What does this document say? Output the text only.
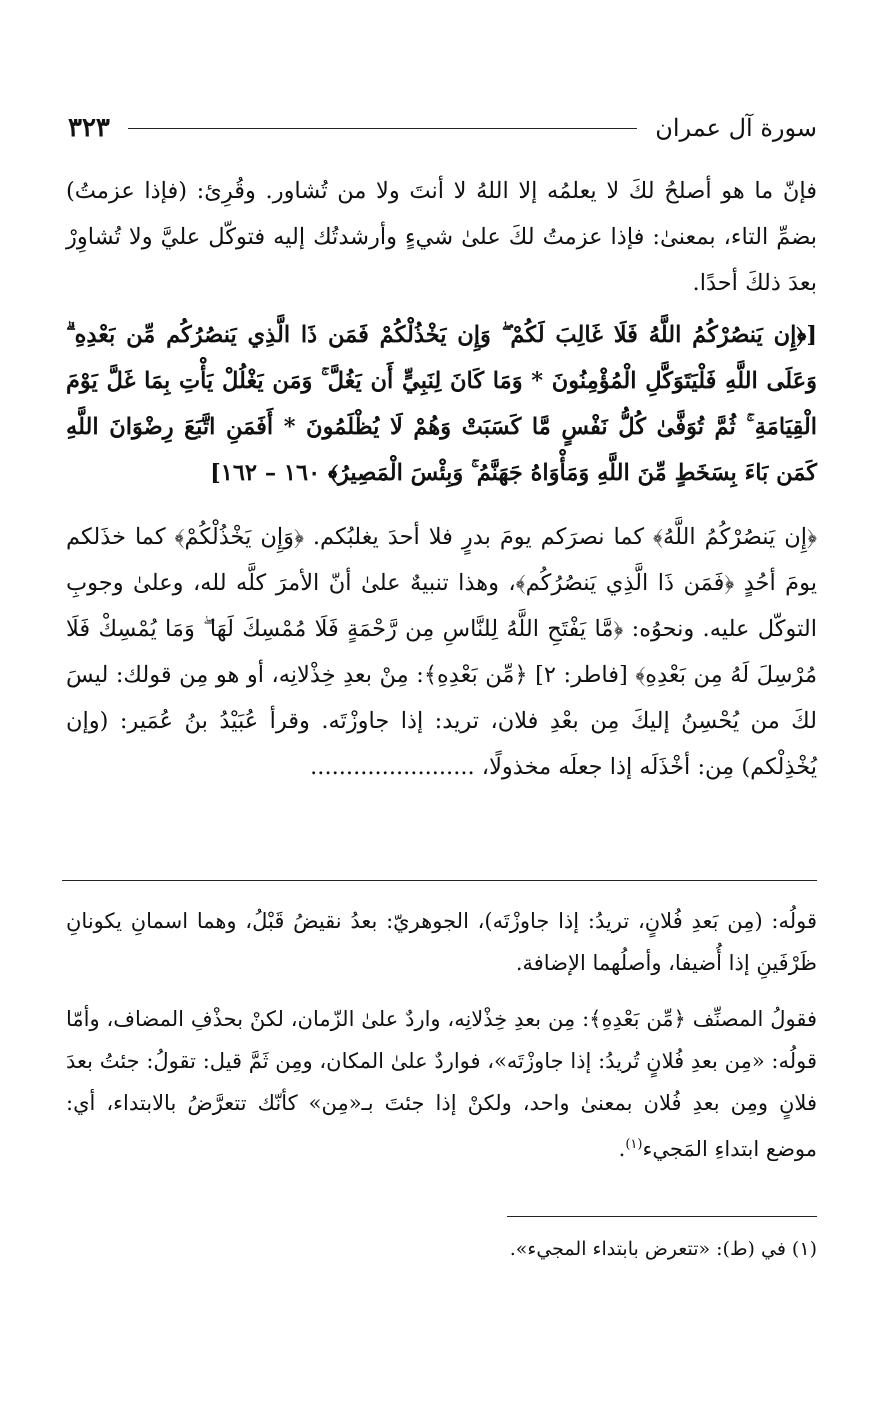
سورة آل عمران
٣٢٣

فإنّ ما هو أصلحُ لكَ لا يعلمُه إلا اللهُ لا أنتَ ولا من تُشاور. وقُرِئ: (فإذا عزمتُ) بضمِّ التاء، بمعنىٰ: فإذا عزمتُ لكَ علىٰ شيءٍ وأرشدتُك إليه فتوكّل عليَّ ولا تُشاوِرْ بعدَ ذلكَ أحدًا.

[﴿إِن يَنصُرْكُمُ اللَّهُ فَلَا غَالِبَ لَكُمْ ۖ وَإِن يَخْذُلْكُمْ فَمَن ذَا الَّذِي يَنصُرُكُم مِّن بَعْدِهِ ۗ وَعَلَى اللَّهِ فَلْيَتَوَكَّلِ الْمُؤْمِنُونَ * وَمَا كَانَ لِنَبِيٍّ أَن يَغُلَّ ۚ وَمَن يَغْلُلْ يَأْتِ بِمَا غَلَّ يَوْمَ الْقِيَامَةِ ۚ ثُمَّ تُوَفَّىٰ كُلُّ نَفْسٍ مَّا كَسَبَتْ وَهُمْ لَا يُظْلَمُونَ * أَفَمَنِ اتَّبَعَ رِضْوَانَ اللَّهِ كَمَن بَاءَ بِسَخَطٍ مِّنَ اللَّهِ وَمَأْوَاهُ جَهَنَّمُ ۚ وَبِئْسَ الْمَصِيرُ﴾ ١٦٠ – ١٦٢]

﴿إِن يَنصُرْكُمُ اللَّهُ﴾ كما نصرَكم يومَ بدرٍ فلا أحدَ يغلبُكم. ﴿وَإِن يَخْذُلْكُمْ﴾ كما خذَلكم يومَ أحُدٍ ﴿فَمَن ذَا الَّذِي يَنصُرُكُم﴾، وهذا تنبيهٌ علىٰ أنّ الأمرَ كلَّه لله، وعلىٰ وجوبِ التوكّل عليه. ونحوُه: ﴿مَّا يَفْتَحِ اللَّهُ لِلنَّاسِ مِن رَّحْمَةٍ فَلَا مُمْسِكَ لَهَا ۖ وَمَا يُمْسِكْ فَلَا مُرْسِلَ لَهُ مِن بَعْدِهِ﴾ [فاطر: ٢] ﴿مِّن بَعْدِهِ﴾: مِنْ بعدِ خِذْلانِه، أو هو مِن قولك: ليسَ لكَ من يُحْسِنُ إليكَ مِن بعْدِ فلان، تريد: إذا جاوزْتَه. وقرأ عُبَيْدُ بنُ عُمَير: (وإن يُخْذِلْكم) مِن: أخْذَلَه إذا جعلَه مخذولًا، .......................

قولُه: (مِن بَعدِ فُلانٍ، تريدُ: إذا جاوزْتَه)، الجوهريّ: بعدُ نقيضُ قَبْلُ، وهما اسمانِ يكونانِ ظَرْفَينِ إذا أُضيفا، وأصلُهما الإضافة.

فقولُ المصنِّف ﴿مِّن بَعْدِهِ﴾: مِن بعدِ خِذْلانِه، واردٌ علىٰ الزّمان، لكنْ بحذْفِ المضاف، وأمّا قولُه: «مِن بعدِ فُلانٍ تُريدُ: إذا جاوزْتَه»، فواردٌ علىٰ المكان، ومِن ثَمَّ قيل: تقولُ: جئتُ بعدَ فلانٍ ومِن بعدِ فُلان بمعنىٰ واحد، ولكنْ إذا جئتَ بـ«مِن» كأنّك تتعرَّضُ بالابتداء، أي: موضع ابتداءِ المَجيء$^{(١)}$.

(١) في (ط): «تتعرض بابتداء المجيء».
